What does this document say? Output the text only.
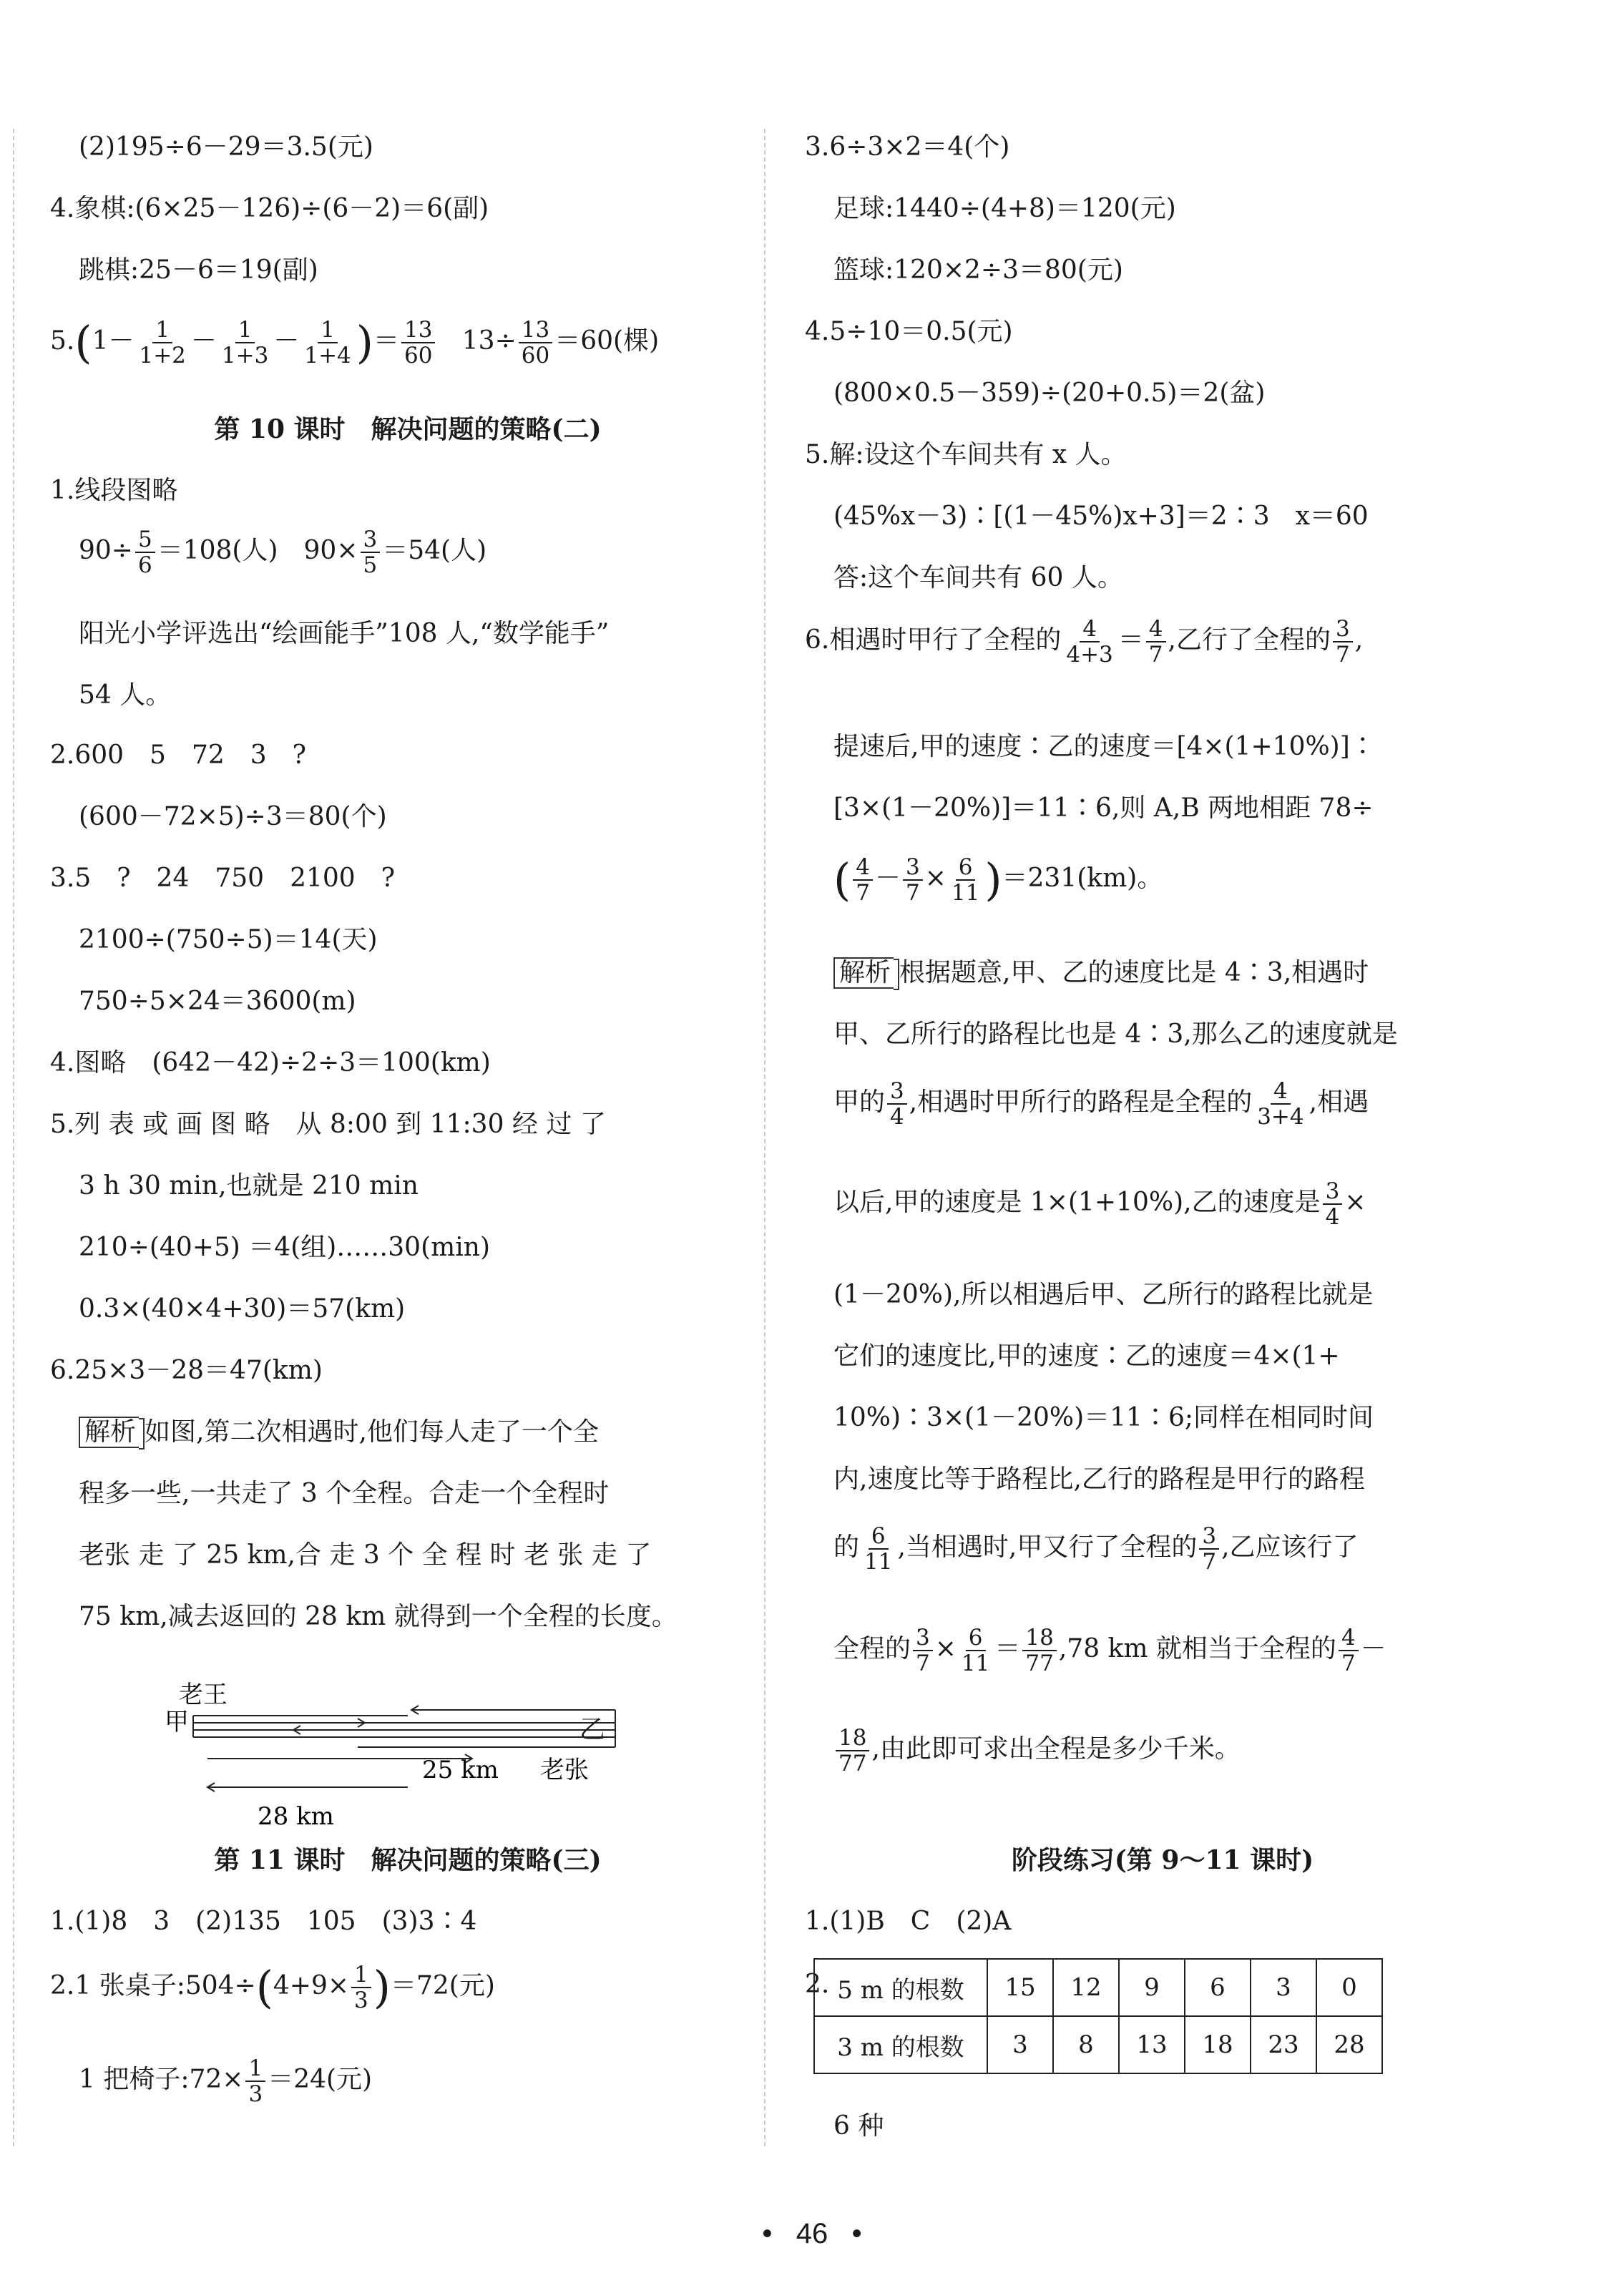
(2)195÷6－29＝3.5(元)
4.象棋:(6×25－126)÷(6－2)＝6(副)
跳棋:25－6＝19(副)
$5.(1- \frac{1}{1+2} - \frac{1}{1+3} - \frac{1}{1+4}$ )＝ $\frac{13}{60} 13\div \frac{13}{60} =60$(棵)
第 10 课时　解决问题的策略(二)
1.线段图略
$90\div \frac{5}{6} =108$(人)　$90\times \frac{3}{5} =54$(人)
阳光小学评选出“绘画能手”108 人,“数学能手”
54 人。
2.600　5　72　3　?
(600－72×5)÷3＝80(个)
3.5　?　24　750　2100　?
2100÷(750÷5)＝14(天)
750÷5×24＝3600(m)
4.图略　(642－42)÷2÷3＝100(km)
5.列 表 或 画 图 略　从 8:00 到 11:30 经 过 了
3 h 30 min,也就是 210 min
210÷(40+5) ＝4(组)……30(min)
0.3×(40×4+30)＝57(km)
6.25×3－28＝47(km)
解析 如图,第二次相遇时,他们每人走了一个全
程多一些,一共走了 3 个全程。合走一个全程时
老张 走 了 25 km,合 走 3 个 全 程 时 老 张 走 了
75 km,减去返回的 28 km 就得到一个全程的长度。
老王
甲
25 km 老张
28 km
乙
第 11 课时　解决问题的策略(三)
1.(1)8　3　(2)135　105　(3)3∶4
2.1 张桌子:504÷(4+9× $\frac{1}{3} )=72$(元)
1 把椅子:72× $\frac{1}{3} =24$(元)
3.6÷3×2＝4(个)
足球:1440÷(4+8)＝120(元)
篮球:120×2÷3＝80(元)
4.5÷10＝0.5(元)
(800×0.5－359)÷(20+0.5)＝2(盆)
5.解:设这个车间共有 x 人。
(45%x－3)∶[(1－45%)x+3]＝2∶3　x＝60
答:这个车间共有 60 人。
6.相遇时甲行了全程的 $\frac{4}{4+3} = \frac{4}{7}$ ,乙行了全程的 $\frac{3}{7}$ ,
提速后,甲的速度∶乙的速度＝[4×(1+10%)]∶
[3×(1－20%)]＝11∶6,则 A,B 两地相距 78÷
( $\frac{4}{7} - \frac{3}{7} \times \frac{6}{11} )=231(km)$。
解析 根据题意,甲、乙的速度比是 4∶3,相遇时
甲、乙所行的路程比也是 4∶3,那么乙的速度就是
甲的 $\frac{3}{4}$ ,相遇时甲所行的路程是全程的 $\frac{4}{3+4}$ ,相遇
以后,甲的速度是 1×(1+10%),乙的速度是 $\frac{3}{4}$ ×
(1－20%),所以相遇后甲、乙所行的路程比就是
它们的速度比,甲的速度∶乙的速度＝4×(1+
10%)∶3×(1－20%)＝11∶6;同样在相同时间
内,速度比等于路程比,乙行的路程是甲行的路程
的 $\frac{6}{11}$ ,当相遇时,甲又行了全程的 $\frac{3}{7}$ ,乙应该行了
全程的 $\frac{3}{7} \times \frac{6}{11} = \frac{18}{77} ,78$ km 就相当于全程的 $\frac{4}{7}$ －
$\frac{18}{77}$ ,由此即可求出全程是多少千米。
阶段练习(第 9～11 课时)
1.(1)B　C　(2)A
2.
6 种
5 m 的根数	15	12	9	6	3	0
3 m 的根数	3	8	13	18	23	28
• 46 •
